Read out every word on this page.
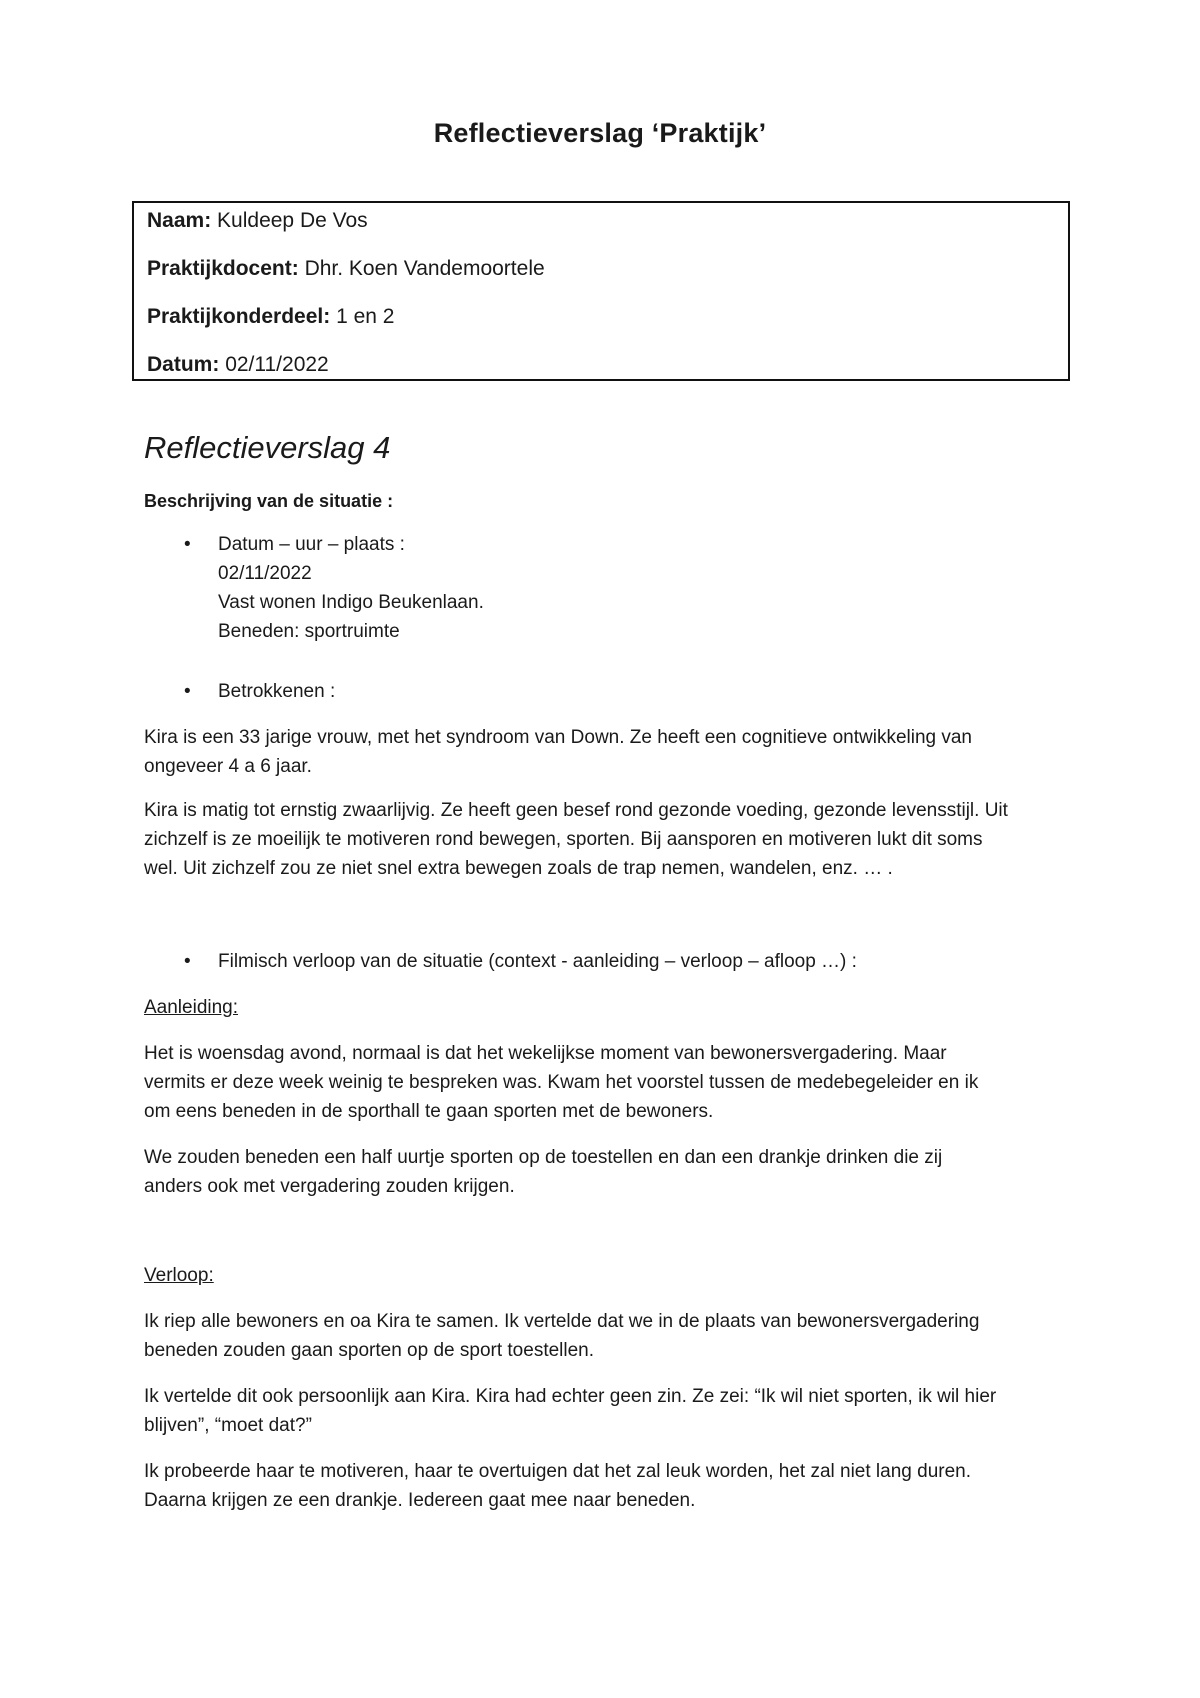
Reflectieverslag ‘Praktijk’
Naam: Kuldeep De Vos
Praktijkdocent: Dhr. Koen Vandemoortele
Praktijkonderdeel: 1 en 2
Datum: 02/11/2022
Reflectieverslag 4
Beschrijving van de situatie :
• Datum – uur – plaats :
02/11/2022
Vast wonen Indigo Beukenlaan.
Beneden: sportruimte
• Betrokkenen :
Kira is een 33 jarige vrouw, met het syndroom van Down. Ze heeft een cognitieve ontwikkeling van
ongeveer 4 a 6 jaar.
Kira is matig tot ernstig zwaarlijvig. Ze heeft geen besef rond gezonde voeding, gezonde levensstijl. Uit
zichzelf is ze moeilijk te motiveren rond bewegen, sporten. Bij aansporen en motiveren lukt dit soms
wel. Uit zichzelf zou ze niet snel extra bewegen zoals de trap nemen, wandelen, enz. … .
• Filmisch verloop van de situatie (context - aanleiding – verloop – afloop …) :
Aanleiding:
Het is woensdag avond, normaal is dat het wekelijkse moment van bewonersvergadering. Maar
vermits er deze week weinig te bespreken was. Kwam het voorstel tussen de medebegeleider en ik
om eens beneden in de sporthall te gaan sporten met de bewoners.
We zouden beneden een half uurtje sporten op de toestellen en dan een drankje drinken die zij
anders ook met vergadering zouden krijgen.
Verloop:
Ik riep alle bewoners en oa Kira te samen. Ik vertelde dat we in de plaats van bewonersvergadering
beneden zouden gaan sporten op de sport toestellen.
Ik vertelde dit ook persoonlijk aan Kira. Kira had echter geen zin. Ze zei: “Ik wil niet sporten, ik wil hier
blijven”, “moet dat?”
Ik probeerde haar te motiveren, haar te overtuigen dat het zal leuk worden, het zal niet lang duren.
Daarna krijgen ze een drankje. Iedereen gaat mee naar beneden.
